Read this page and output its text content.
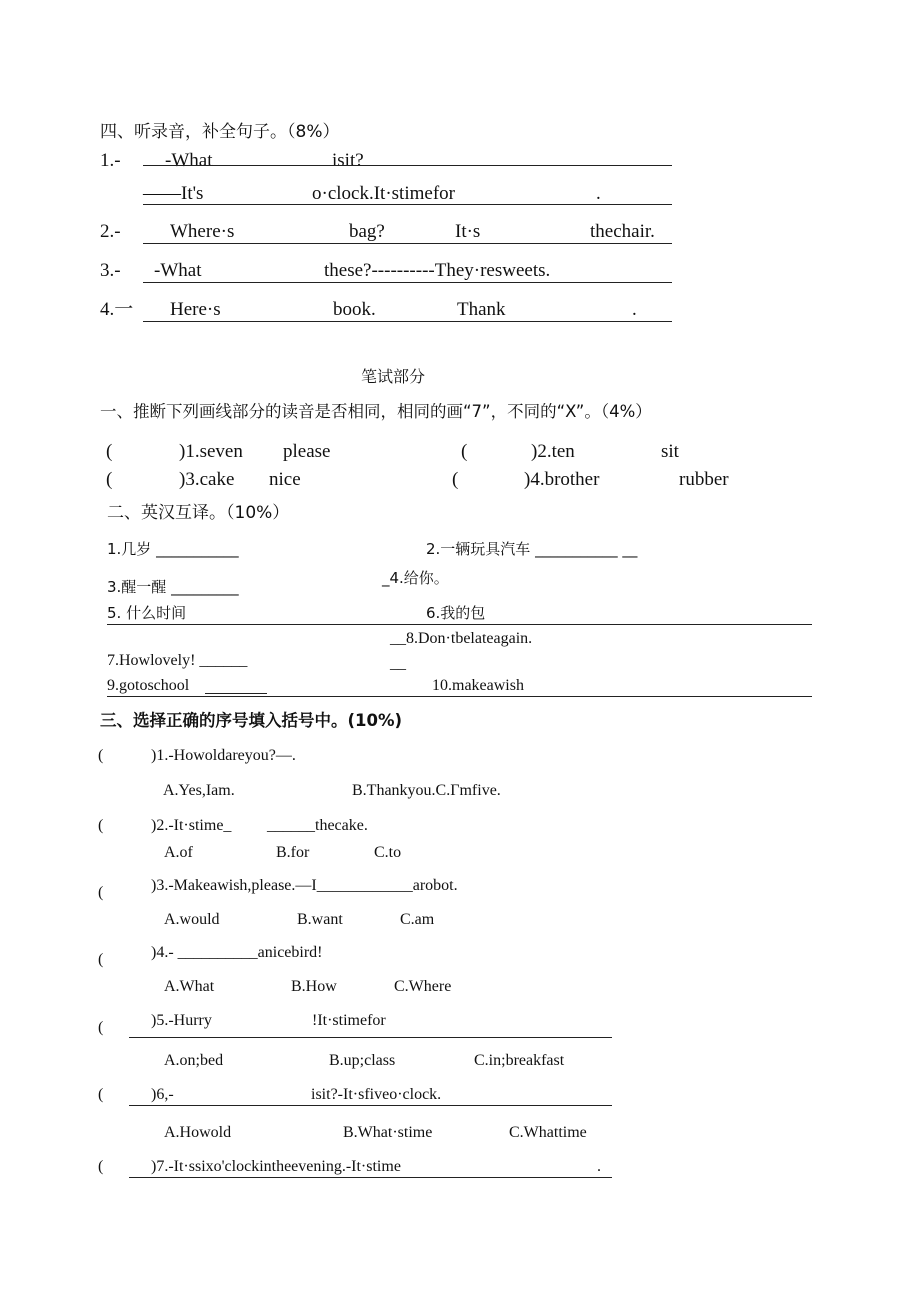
四、听录音，补全句子。（8%）
1.- -What	isit?
——It's	o·clock.It·stimefor	.
2.-	Where·s	bag?	It·s	thechair.
3.- -What	these?----------They·resweets.
4.一 Here·s	book.	Thank	.
笔试部分
一、推断下列画线部分的读音是否相同，相同的画“7”，不同的“X”。（4%）
(	)1.seven please	(	)2.ten	sit
(	)3.cake nice	(	)4.brother	rubber
二、英汉互译。（10%）
1.几岁 ___________	2.一辆玩具汽车 ___________ __
3.醒一醒 _________	_4.给你。
5. 什么时间	6.我的包
__8.Don·tbelateagain.
7.Howlovely! ______	__
9.gotoschool	10.makeawish
三、选择正确的序号填入括号中。(10%)
(	)1.-Howoldareyou?—.
A.Yes,Iam.	B.Thankyou.C.Γmfive.
(	)2.-It·stime_ ______thecake.
A.of	B.for	C.to
(	)3.-Makeawish,please.—I____________arobot.
A.would	B.want	C.am
(	)4.- __________anicebird!
A.What	B.How	C.Where
(	)5.-Hurry	!It·stimefor
A.on;bed	B.up;class	C.in;breakfast
(	)6,-	isit?-It·sfiveo·clock.
A.Howold	B.What·stime	C.Whattime
(	)7.-It·ssixo'clockintheevening.-It·stime	.
